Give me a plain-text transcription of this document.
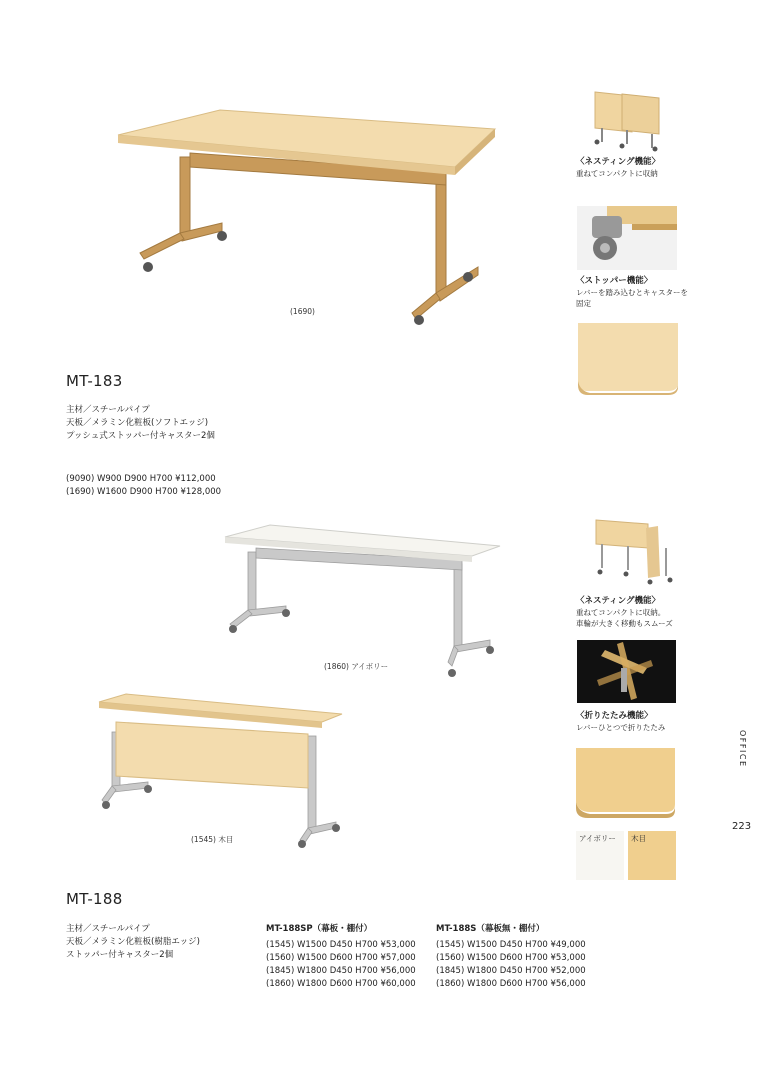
(1690)
MT-183
主材／スチールパイプ
天板／メラミン化粧板(ソフトエッジ)
プッシュ式ストッパー付キャスター2個
(9090) W900 D900 H700 ¥112,000
(1690) W1600 D900 H700 ¥128,000
〈ネスティング機能〉
重ねてコンパクトに収納
〈ストッパー機能〉
レバーを踏み込むとキャスターを
固定
(1860) アイボリー
(1545) 木目
〈ネスティング機能〉
重ねてコンパクトに収納。
車輪が大きく移動もスムーズ
〈折りたたみ機能〉
レバーひとつで折りたたみ
アイボリー 木目
OFFICE
223
MT-188
主材／スチールパイプ
天板／メラミン化粧板(樹脂エッジ)
ストッパー付キャスター2個
MT-188SP（幕板・棚付）
(1545) W1500 D450 H700 ¥53,000
(1560) W1500 D600 H700 ¥57,000
(1845) W1800 D450 H700 ¥56,000
(1860) W1800 D600 H700 ¥60,000
MT-188S（幕板無・棚付）
(1545) W1500 D450 H700 ¥49,000
(1560) W1500 D600 H700 ¥53,000
(1845) W1800 D450 H700 ¥52,000
(1860) W1800 D600 H700 ¥56,000
